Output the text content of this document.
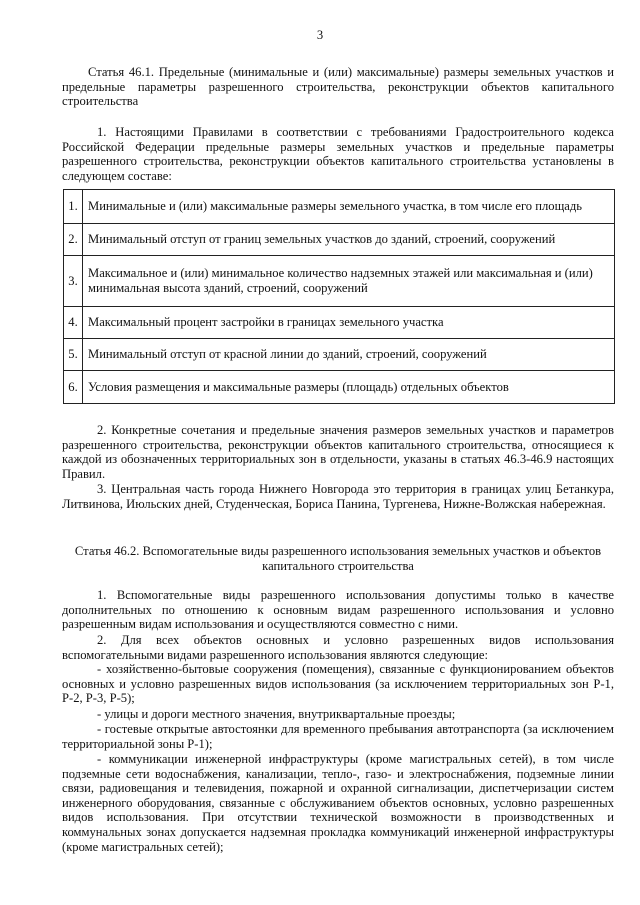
3

Статья 46.1. Предельные (минимальные и (или) максимальные) размеры земельных участков и предельные параметры разрешенного строительства, реконструкции объектов капитального строительства

1. Настоящими Правилами в соответствии с требованиями Градостроительного кодекса Российской Федерации предельные размеры земельных участков и предельные параметры разрешенного строительства, реконструкции объектов капитального строительства установлены в следующем составе:

1.	Минимальные и (или) максимальные размеры земельного участка, в том числе его площадь
2.	Минимальный отступ от границ земельных участков до зданий, строений, сооружений
3.	Максимальное и (или) минимальное количество надземных этажей или максимальная и (или) минимальная высота зданий, строений, сооружений
4.	Максимальный процент застройки в границах земельного участка
5.	Минимальный отступ от красной линии до зданий, строений, сооружений
6.	Условия размещения и максимальные размеры (площадь) отдельных объектов

2. Конкретные сочетания и предельные значения размеров земельных участков и параметров разрешенного строительства, реконструкции объектов капитального строительства, относящиеся к каждой из обозначенных территориальных зон в отдельности, указаны в статьях 46.3-46.9 настоящих Правил.

3. Центральная часть города Нижнего Новгорода это территория в границах улиц Бетанкура, Литвинова, Июльских дней, Студенческая, Бориса Панина, Тургенева, Нижне-Волжская набережная.

Статья 46.2. Вспомогательные виды разрешенного использования земельных участков и объектов капитального строительства

1. Вспомогательные виды разрешенного использования допустимы только в качестве дополнительных по отношению к основным видам разрешенного использования и условно разрешенным видам использования и осуществляются совместно с ними.

2. Для всех объектов основных и условно разрешенных видов использования вспомогательными видами разрешенного использования являются следующие:

- хозяйственно-бытовые сооружения (помещения), связанные с функционированием объектов основных и условно разрешенных видов использования (за исключением территориальных зон Р-1, Р-2, Р-3, Р-5);

- улицы и дороги местного значения, внутриквартальные проезды;

- гостевые открытые автостоянки для временного пребывания автотранспорта (за исключением территориальной зоны Р-1);

- коммуникации инженерной инфраструктуры (кроме магистральных сетей), в том числе подземные сети водоснабжения, канализации, тепло-, газо- и электроснабжения, подземные линии связи, радиовещания и телевидения, пожарной и охранной сигнализации, диспетчеризации систем инженерного оборудования, связанные с обслуживанием объектов основных, условно разрешенных видов использования. При отсутствии технической возможности в производственных и коммунальных зонах допускается надземная прокладка коммуникаций инженерной инфраструктуры (кроме магистральных сетей);
